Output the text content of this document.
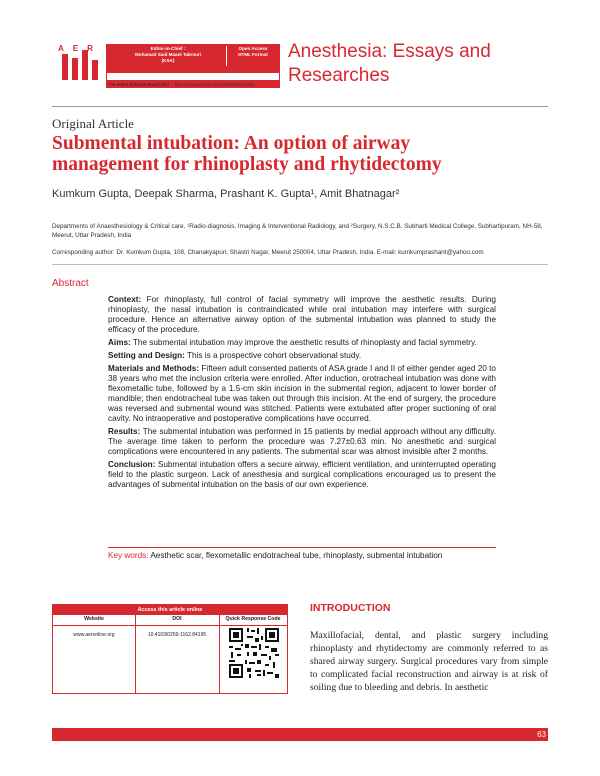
AER	Editor-in-Chief :
Mohamad Said Maani Takrouri
(KSA)
Open Access
HTML Format
For entire Editorial Board visit : http://www.aeronline.org/editorialboard.asp
Anesthesia: Essays and
Researches
Original Article
Submental intubation: An option of airway management for rhinoplasty and rhytidectomy
Kumkum Gupta, Deepak Sharma, Prashant K. Gupta¹, Amit Bhatnagar²
Departments of Anaesthesiology & Critical care, ¹Radio-diagnosis, Imaging & Interventional Radiology, and ²Surgery, N.S.C.B. Subharti Medical College, Subhartipuram, NH-58, Meerut, Uttar Pradesh, India
Corresponding author: Dr. Kumkum Gupta, 108, Chanakyapuri, Shastri Nagar, Meerut 250004, Uttar Pradesh, India. E-mail: kumkumprashant@yahoo.com
Abstract

Context: For rhinoplasty, full control of facial symmetry will improve the aesthetic results. During rhinoplasty, the nasal intubation is contraindicated while oral intubation may interfere with surgical procedure. Hence an alternative airway option of the submental intubation was planned to study the efficacy of the procedure.

Aims: The submental intubation may improve the aesthetic results of rhinoplasty and facial symmetry.

Setting and Design: This is a prospective cohort observational study.

Materials and Methods: Fifteen adult consented patients of ASA grade I and II of either gender aged 20 to 38 years who met the inclusion criteria were enrolled. After induction, orotracheal intubation was done with flexometallic tube, followed by a 1.5-cm skin incision in the submental region, adjacent to lower border of mandible; then endotracheal tube was taken out through this incision. At the end of surgery, the procedure was reversed and submental wound was stitched. Patients were extubated after proper suctioning of oral cavity. No intraoperative and postoperative complications have occurred.

Results: The submental intubation was performed in 15 patients by medial approach without any difficulty. The average time taken to perform the procedure was 7.27±0.63 min. No anesthetic and surgical complications were encountered in any patients. The submental scar was almost invisible after 2 months.

Conclusion: Submental intubation offers a secure airway, efficient ventilation, and uninterrupted operating field to the plastic surgeon. Lack of anesthesia and surgical complications encouraged us to present the advantages of submental intubation on the basis of our own experience.

Key words: Aesthetic scar, flexometallic endotracheal tube, rhinoplasty, submental intubation
Access this article online
Website	DOI	Quick Response Code
www.aeronline.org	10.4103/0259-1162.84195
INTRODUCTION
Maxillofacial, dental, and plastic surgery including rhinoplasty and rhytidectomy are commonly referred to as shared airway surgery. Surgical procedures vary from simple to complicated facial reconstruction and airway is at risk of soiling due to bleeding and debris. In aesthetic
63
